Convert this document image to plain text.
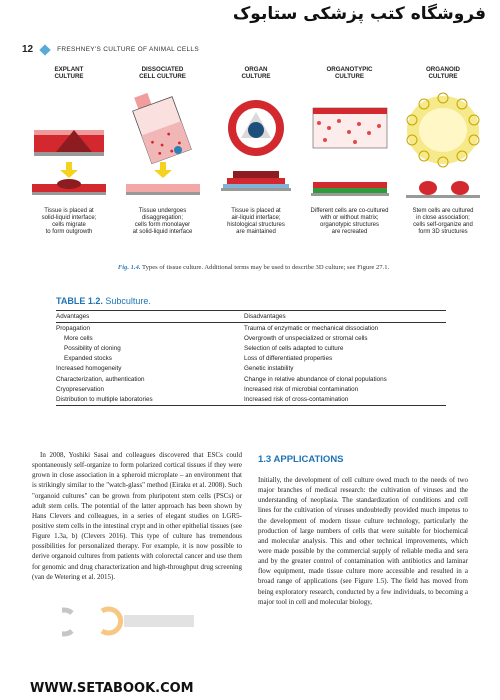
فروشگاه کتب پزشکی ستابوک
12	FRESHNEY'S CULTURE OF ANIMAL CELLS
EXPLANT
CULTURE
Tissue is placed at
solid-liquid interface;
cells migrate
to form outgrowth
DISSOCIATED
CELL CULTURE
Tissue undergoes
disaggregation;
cells form monolayer
at solid-liquid interface
ORGAN
CULTURE
Tissue is placed at
air-liquid interface;
histological structures
are maintained
ORGANOTYPIC
CULTURE
Different cells are co-cultured
with or without matrix;
organotypic structures
are recreated
ORGANOID
CULTURE
Stem cells are cultured
in close association;
cells self-organize and
form 3D structures
Fig. 1.4. Types of tissue culture. Additional terms may be used to describe 3D culture; see Figure 27.1.
TABLE 1.2. Subculture.
Advantages	Disadvantages
Propagation	Trauma of enzymatic or mechanical dissociation
More cells	Overgrowth of unspecialized or stromal cells
Possibility of cloning	Selection of cells adapted to culture
Expanded stocks	Loss of differentiated properties
Increased homogeneity	Genetic instability
Characterization, authentication	Change in relative abundance of clonal populations
Cryopreservation	Increased risk of microbial contamination
Distribution to multiple laboratories	Increased risk of cross-contamination
In 2008, Yoshiki Sasai and colleagues discovered that ESCs could spontaneously self-organize to form polarized cortical tissues if they were grown in close association in a spheroid microplate – an environment that is strikingly similar to the "watch-glass" method (Eiraku et al. 2008). Such "organoid cultures" can be grown from pluripotent stem cells (PSCs) or adult stem cells. The potential of the latter approach has been shown by Hans Clevers and colleagues, in a series of elegant studies on LGR5-positive stem cells in the intestinal crypt and in other epithelial tissues (see Figure 1.3a, b) (Clevers 2016). This type of culture has tremendous possibilities for personalized therapy. For example, it is now possible to derive organoid cultures from patients with colorectal cancer and use them for genomic and drug characterization and high-throughput drug screening (van de Wetering et al. 2015).
1.3 APPLICATIONS

Initially, the development of cell culture owed much to the needs of two major branches of medical research: the cultivation of viruses and the understanding of neoplasia. The standardization of conditions and cell lines for the cultivation of viruses undoubtedly provided much impetus to the development of modern tissue culture technology, particularly the production of large numbers of cells that were suitable for biochemical and molecular analysis. This and other technical improvements, which were made possible by the commercial supply of reliable media and sera and by the greater control of contamination with antibiotics and laminar flow equipment, made tissue culture more accessible and resulted in a broad range of applications (see Figure 1.5). The field has moved from being exploratory research, conducted by a few individuals, to becoming a major tool in cell and molecular biology,

WWW.SETABOOK.COM
